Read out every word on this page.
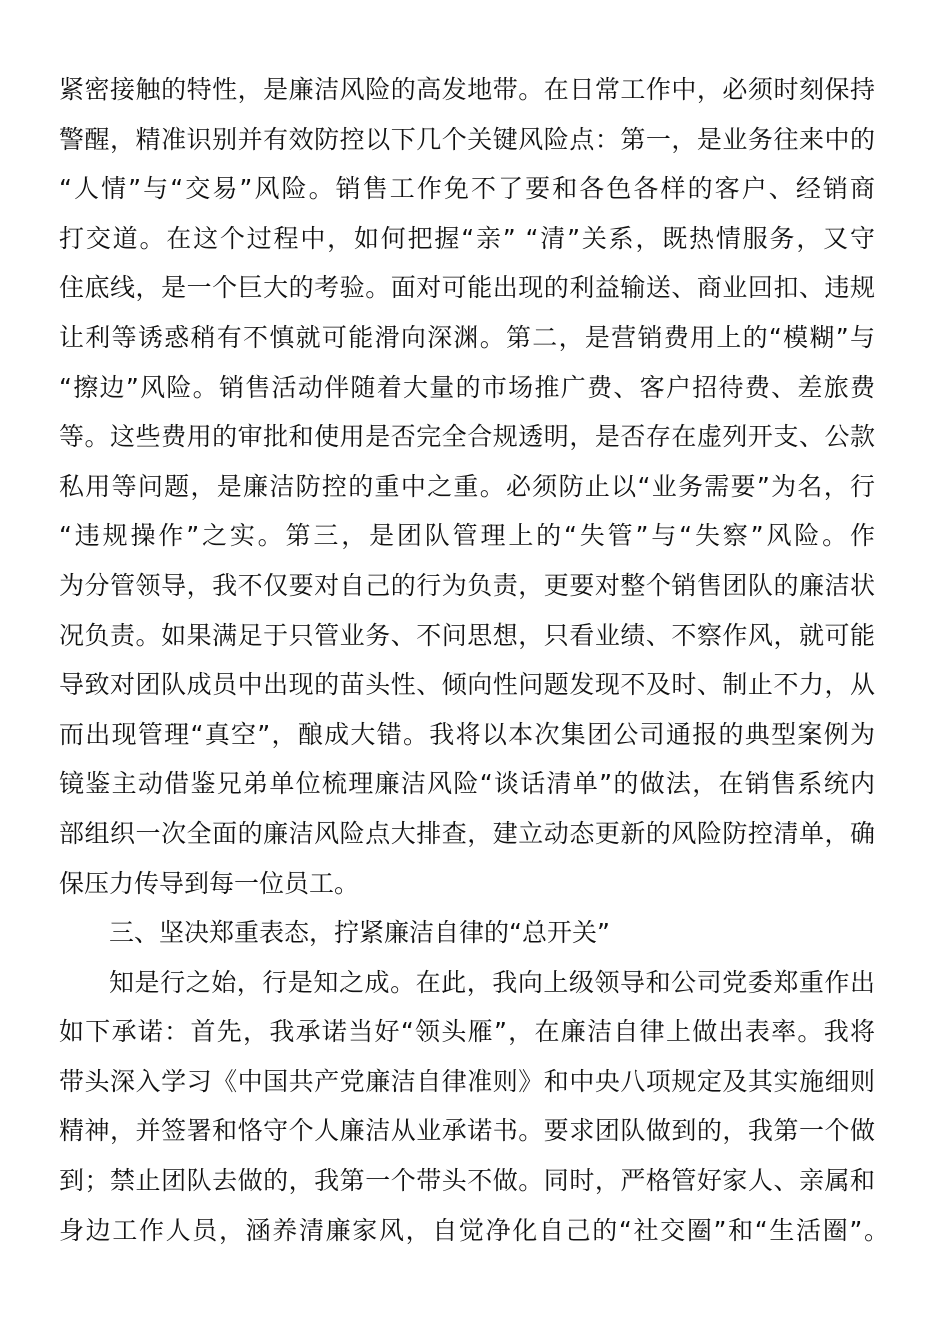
紧密接触的特性，是廉洁风险的高发地带。在日常工作中，必须时刻保持
警醒，精准识别并有效防控以下几个关键风险点：第一，是业务往来中的
“人情”与“交易”风险。销售工作免不了要和各色各样的客户、经销商
打交道。在这个过程中，如何把握“亲” “清”关系，既热情服务，又守
住底线，是一个巨大的考验。面对可能出现的利益输送、商业回扣、违规
让利等诱惑稍有不慎就可能滑向深渊。第二，是营销费用上的“模糊”与
“擦边”风险。销售活动伴随着大量的市场推广费、客户招待费、差旅费
等。这些费用的审批和使用是否完全合规透明，是否存在虚列开支、公款
私用等问题，是廉洁防控的重中之重。必须防止以“业务需要”为名，行
“违规操作”之实。第三，是团队管理上的“失管”与“失察”风险。作
为分管领导，我不仅要对自己的行为负责，更要对整个销售团队的廉洁状
况负责。如果满足于只管业务、不问思想，只看业绩、不察作风，就可能
导致对团队成员中出现的苗头性、倾向性问题发现不及时、制止不力，从
而出现管理“真空”，酿成大错。我将以本次集团公司通报的典型案例为
镜鉴主动借鉴兄弟单位梳理廉洁风险“谈话清单”的做法，在销售系统内
部组织一次全面的廉洁风险点大排查，建立动态更新的风险防控清单，确
保压力传导到每一位员工。
三、坚决郑重表态，拧紧廉洁自律的“总开关”
知是行之始，行是知之成。在此，我向上级领导和公司党委郑重作出
如下承诺：首先，我承诺当好“领头雁”，在廉洁自律上做出表率。我将
带头深入学习《中国共产党廉洁自律准则》和中央八项规定及其实施细则
精神，并签署和恪守个人廉洁从业承诺书。要求团队做到的，我第一个做
到；禁止团队去做的，我第一个带头不做。同时，严格管好家人、亲属和
身边工作人员，涵养清廉家风，自觉净化自己的“社交圈”和“生活圈”。
